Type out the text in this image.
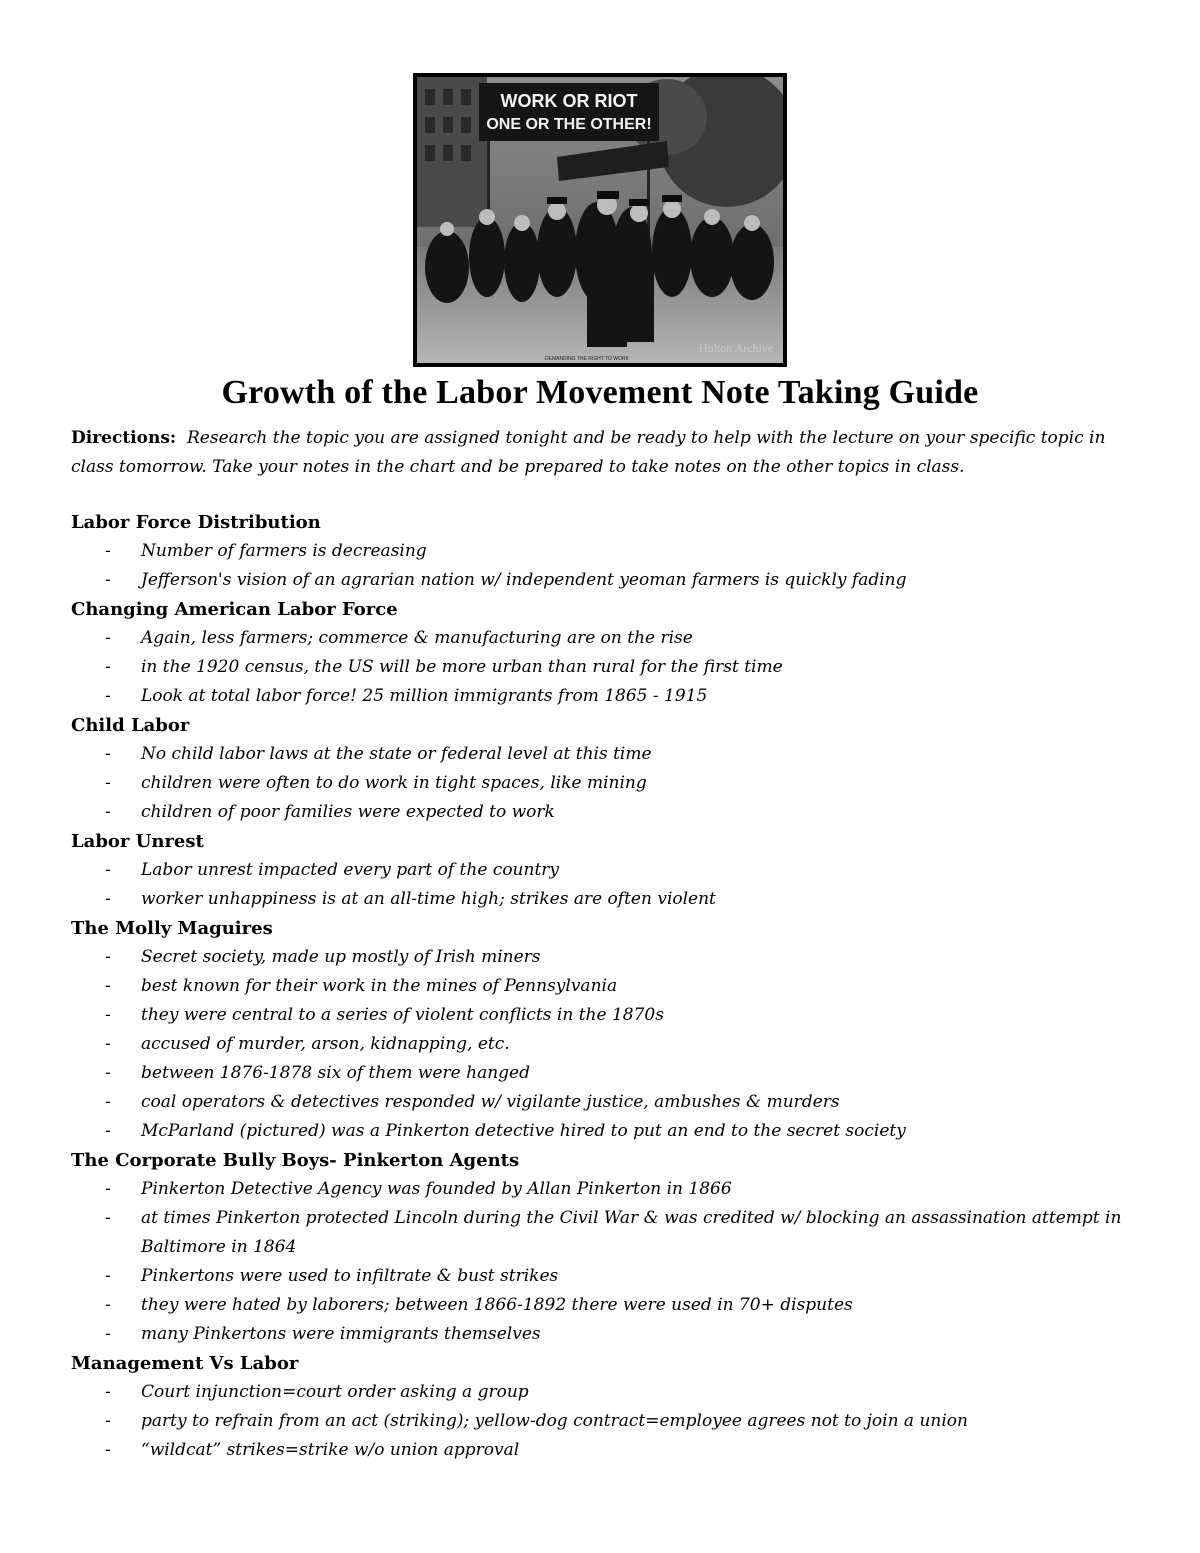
WORK OR RIOT
ONE OR THE OTHER!
DEMANDING THE RIGHT TO WORK
Hulton Archive
Growth of the Labor Movement Note Taking Guide

Directions: Research the topic you are assigned tonight and be ready to help with the lecture on your specific topic in class tomorrow. Take your notes in the chart and be prepared to take notes on the other topics in class.

Labor Force Distribution
- Number of farmers is decreasing
- Jefferson's vision of an agrarian nation w/ independent yeoman farmers is quickly fading
Changing American Labor Force
- Again, less farmers; commerce & manufacturing are on the rise
- in the 1920 census, the US will be more urban than rural for the first time
- Look at total labor force! 25 million immigrants from 1865 - 1915
Child Labor
- No child labor laws at the state or federal level at this time
- children were often to do work in tight spaces, like mining
- children of poor families were expected to work
Labor Unrest
- Labor unrest impacted every part of the country
- worker unhappiness is at an all-time high; strikes are often violent
The Molly Maguires
- Secret society, made up mostly of Irish miners
- best known for their work in the mines of Pennsylvania
- they were central to a series of violent conflicts in the 1870s
- accused of murder, arson, kidnapping, etc.
- between 1876-1878 six of them were hanged
- coal operators & detectives responded w/ vigilante justice, ambushes & murders
- McParland (pictured) was a Pinkerton detective hired to put an end to the secret society
The Corporate Bully Boys- Pinkerton Agents
- Pinkerton Detective Agency was founded by Allan Pinkerton in 1866
- at times Pinkerton protected Lincoln during the Civil War & was credited w/ blocking an assassination attempt in Baltimore in 1864
- Pinkertons were used to infiltrate & bust strikes
- they were hated by laborers; between 1866-1892 there were used in 70+ disputes
- many Pinkertons were immigrants themselves
Management Vs Labor
- Court injunction=court order asking a group
- party to refrain from an act (striking); yellow-dog contract=employee agrees not to join a union
- “wildcat” strikes=strike w/o union approval
